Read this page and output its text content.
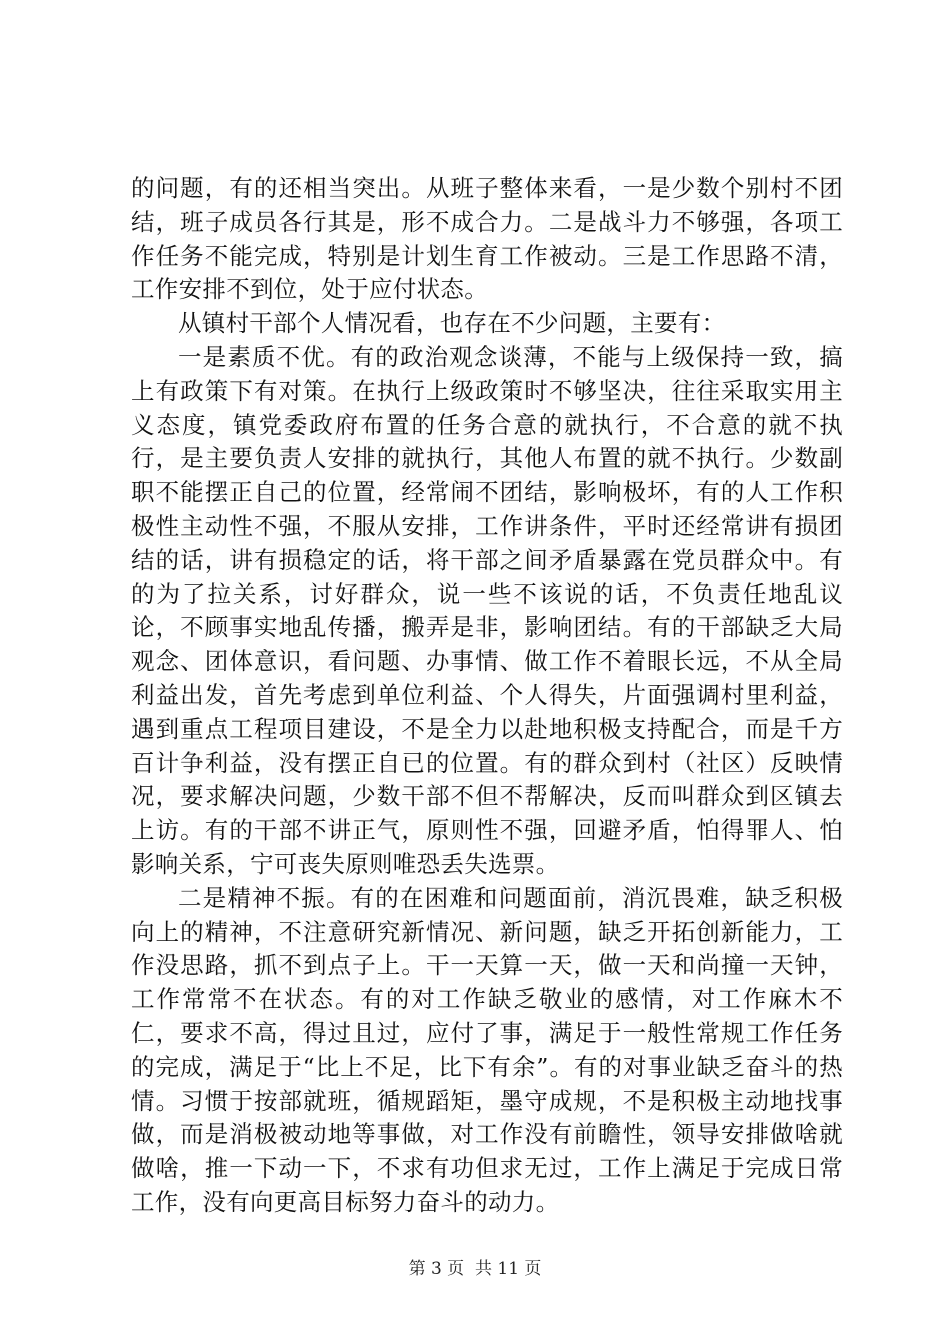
的问题，有的还相当突出。从班子整体来看，一是少数个别村不团结，班子成员各行其是，形不成合力。二是战斗力不够强，各项工作任务不能完成，特别是计划生育工作被动。三是工作思路不清，工作安排不到位，处于应付状态。

从镇村干部个人情况看，也存在不少问题，主要有：

一是素质不优。有的政治观念谈薄，不能与上级保持一致，搞上有政策下有对策。在执行上级政策时不够坚决，往往采取实用主义态度，镇党委政府布置的任务合意的就执行，不合意的就不执行，是主要负责人安排的就执行，其他人布置的就不执行。少数副职不能摆正自己的位置，经常闹不团结，影响极坏，有的人工作积极性主动性不强，不服从安排，工作讲条件，平时还经常讲有损团结的话，讲有损稳定的话，将干部之间矛盾暴露在党员群众中。有的为了拉关系，讨好群众，说一些不该说的话，不负责任地乱议论，不顾事实地乱传播，搬弄是非，影响团结。有的干部缺乏大局观念、团体意识，看问题、办事情、做工作不着眼长远，不从全局利益出发，首先考虑到单位利益、个人得失，片面强调村里利益，遇到重点工程项目建设，不是全力以赴地积极支持配合，而是千方百计争利益，没有摆正自已的位置。有的群众到村（社区）反映情况，要求解决问题，少数干部不但不帮解决，反而叫群众到区镇去上访。有的干部不讲正气，原则性不强，回避矛盾，怕得罪人、怕影响关系，宁可丧失原则唯恐丢失选票。

二是精神不振。有的在困难和问题面前，消沉畏难，缺乏积极向上的精神，不注意研究新情况、新问题，缺乏开拓创新能力，工作没思路，抓不到点子上。干一天算一天，做一天和尚撞一天钟，工作常常不在状态。有的对工作缺乏敬业的感情，对工作麻木不仁，要求不高，得过且过，应付了事，满足于一般性常规工作任务的完成，满足于“比上不足，比下有余”。有的对事业缺乏奋斗的热情。习惯于按部就班，循规蹈矩，墨守成规，不是积极主动地找事做，而是消极被动地等事做，对工作没有前瞻性，领导安排做啥就做啥，推一下动一下，不求有功但求无过，工作上满足于完成日常工作，没有向更高目标努力奋斗的动力。

第 3 页  共 11 页
